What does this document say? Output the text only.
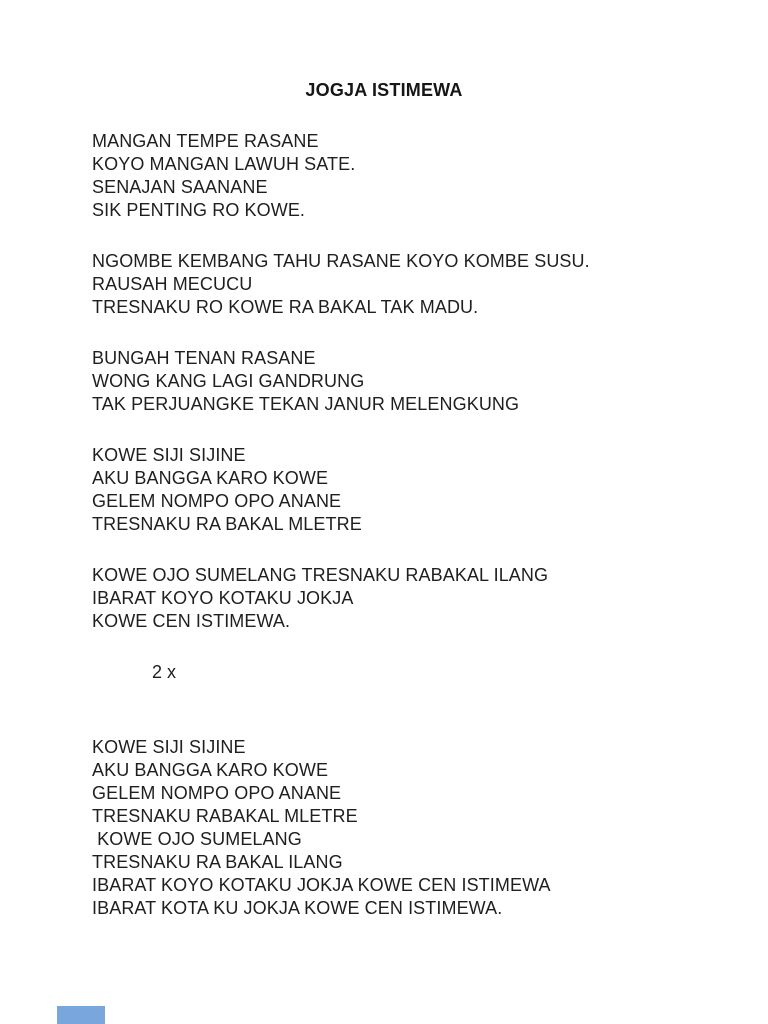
JOGJA ISTIMEWA
MANGAN TEMPE RASANE
KOYO MANGAN LAWUH SATE.
SENAJAN SAANANE
SIK PENTING RO KOWE.
NGOMBE KEMBANG TAHU RASANE KOYO KOMBE SUSU.
RAUSAH MECUCU
TRESNAKU RO KOWE RA BAKAL TAK MADU.
BUNGAH TENAN RASANE
WONG KANG LAGI GANDRUNG
TAK PERJUANGKE TEKAN JANUR MELENGKUNG
KOWE SIJI SIJINE
AKU BANGGA KARO KOWE
GELEM NOMPO OPO ANANE
TRESNAKU RA BAKAL MLETRE
KOWE OJO SUMELANG TRESNAKU RABAKAL ILANG
IBARAT KOYO KOTAKU JOKJA
KOWE CEN ISTIMEWA.
2 x
KOWE SIJI SIJINE
AKU BANGGA KARO KOWE
GELEM NOMPO OPO ANANE
TRESNAKU RABAKAL MLETRE
KOWE OJO SUMELANG
TRESNAKU RA BAKAL ILANG
IBARAT KOYO KOTAKU JOKJA KOWE CEN ISTIMEWA
IBARAT KOTA KU JOKJA KOWE CEN ISTIMEWA.
